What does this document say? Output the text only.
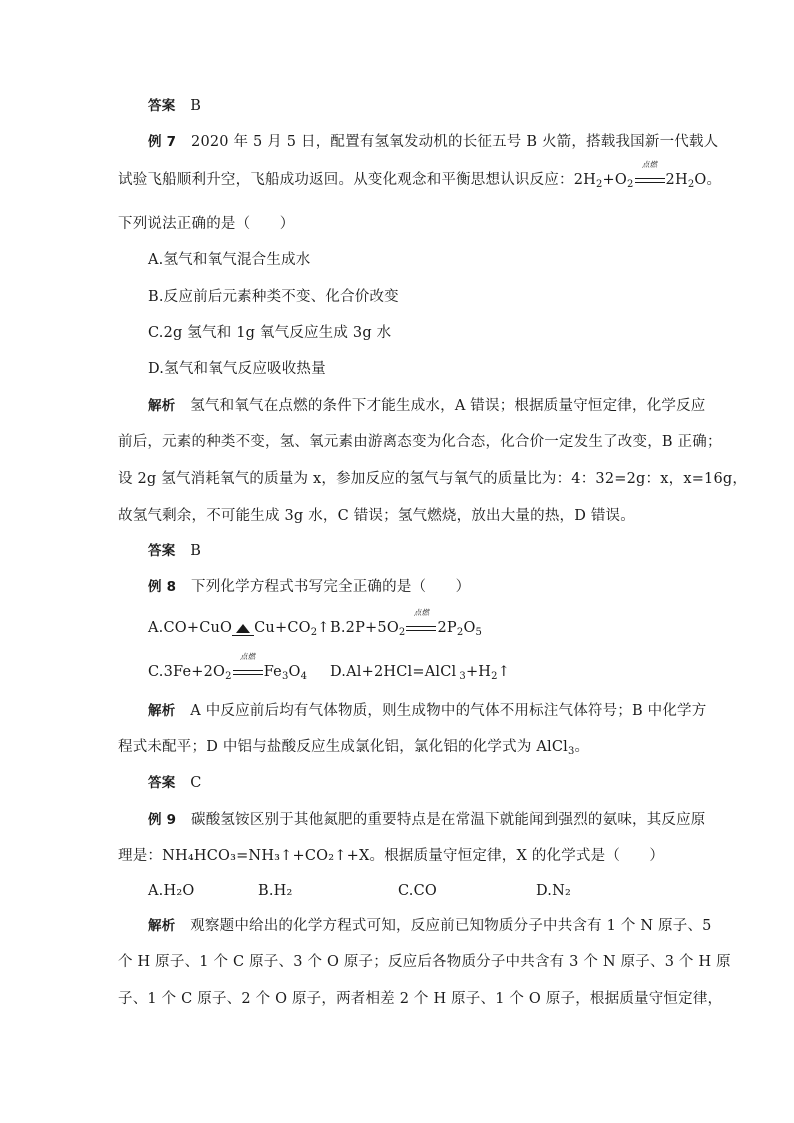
答案 B
例 7 2020 年 5 月 5 日，配置有氢氧发动机的长征五号 B 火箭，搭载我国新一代载人
试验飞船顺利升空，飞船成功返回。从变化观念和平衡思想认识反应：$2H_2+O_2$
点燃
$2H_2O$。
下列说法正确的是（　　）
A.氢气和氧气混合生成水
B.反应前后元素种类不变、化合价改变
C.2g 氢气和 1g 氧气反应生成 3g 水
D.氢气和氧气反应吸收热量
解析 氢气和氧气在点燃的条件下才能生成水，A 错误；根据质量守恒定律，化学反应
前后，元素的种类不变，氢、氧元素由游离态变为化合态，化合价一定发生了改变，B 正确；
设 2g 氢气消耗氧气的质量为 x，参加反应的氢气与氧气的质量比为：4：32=2g：x，x=16g，
故氢气剩余，不可能生成 3g 水，C 错误；氢气燃烧，放出大量的热，D 错误。
答案 B
例 8 下列化学方程式书写完全正确的是（　　）
A.CO+CuO $Cu+CO_2↑$ $B.2P+5O_2$
点燃
$2P_2O_5$
$C.3Fe+2O_2$
点燃
$Fe_3O_4$ D.Al+2HCl=AlCl $_3+H_2↑$
解析 A 中反应前后均有气体物质，则生成物中的气体不用标注气体符号；B 中化学方
程式未配平；D 中铝与盐酸反应生成氯化铝，氯化铝的化学式为 AlCl$_3$。
答案 C
例 9 碳酸氢铵区别于其他氮肥的重要特点是在常温下就能闻到强烈的氨味，其反应原
理是：NH₄HCO₃=NH₃↑+CO₂↑+X。根据质量守恒定律，X 的化学式是（　　）
A.H₂O	B.H₂	C.CO	D.N₂
解析 观察题中给出的化学方程式可知，反应前已知物质分子中共含有 1 个 N 原子、5
个 H 原子、1 个 C 原子、3 个 O 原子；反应后各物质分子中共含有 3 个 N 原子、3 个 H 原
子、1 个 C 原子、2 个 O 原子，两者相差 2 个 H 原子、1 个 O 原子，根据质量守恒定律，
